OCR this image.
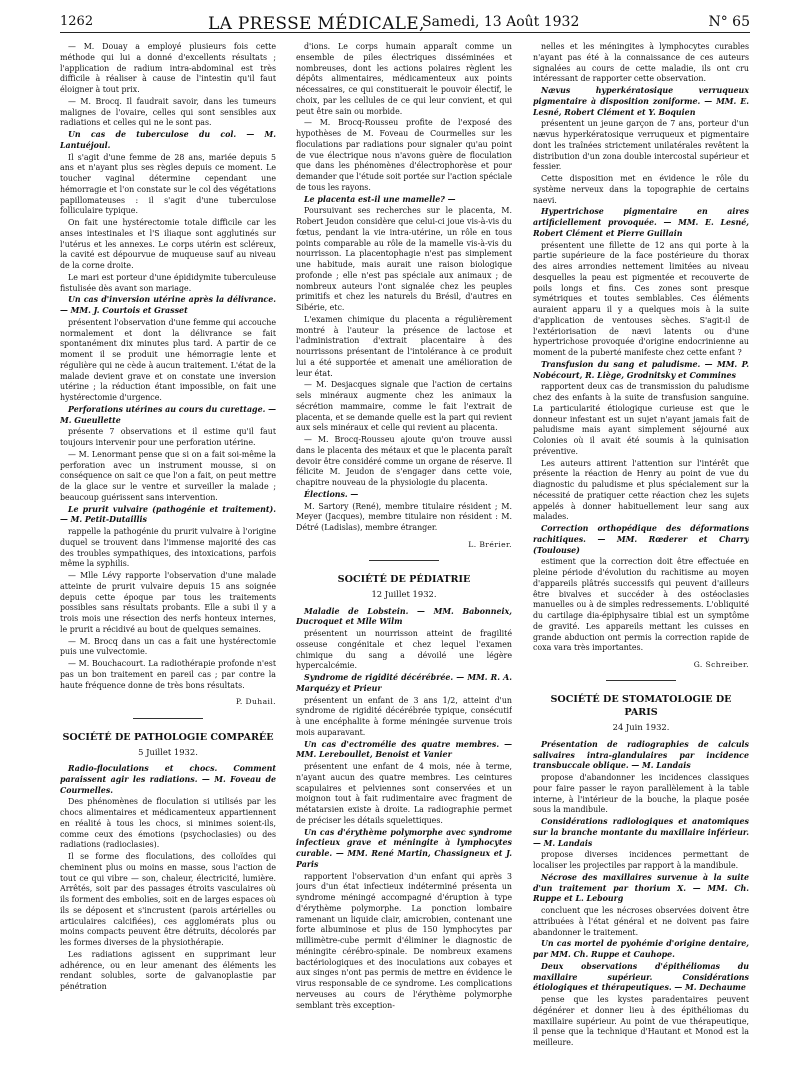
1262	LA PRESSE MÉDICALE,
Samedi, 13 Août 1932	N° 65

— M. Douay a employé plusieurs fois cette méthode qui lui a donné d'excellents résultats ; l'application de radium intra-abdominal est très difficile à réaliser à cause de l'intestin qu'il faut éloigner à tout prix.

— M. Brocq. Il faudrait savoir, dans les tumeurs malignes de l'ovaire, celles qui sont sensibles aux radiations et celles qui ne le sont pas.

Un cas de tuberculose du col. — M. Lantuéjoul.

Il s'agit d'une femme de 28 ans, mariée depuis 5 ans et n'ayant plus ses règles depuis ce moment. Le toucher vaginal détermine cependant une hémorragie et l'on constate sur le col des végétations papillomateuses : il s'agit d'une tuberculose folliculaire typique.

On fait une hystérectomie totale difficile car les anses intestinales et l'S iliaque sont agglutinés sur l'utérus et les annexes. Le corps utérin est scléreux, la cavité est dépourvue de muqueuse sauf au niveau de la corne droite.

Le mari est porteur d'une épididymite tuberculeuse fistulisée dès avant son mariage.

Un cas d'inversion utérine après la délivrance. — MM. J. Courtois et Grasset

présentent l'observation d'une femme qui accouche normalement et dont la délivrance se fait spontanément dix minutes plus tard. A partir de ce moment il se produit une hémorragie lente et régulière qui ne cède à aucun traitement. L'état de la malade devient grave et on constate une inversion utérine ; la réduction étant impossible, on fait une hystérectomie d'urgence.

Perforations utérines au cours du curettage. — M. Gueullette

présente 7 observations et il estime qu'il faut toujours intervenir pour une perforation utérine.

— M. Lenormant pense que si on a fait soi-même la perforation avec un instrument mousse, si on conséquence on sait ce que l'on a fait, on peut mettre de la glace sur le ventre et surveiller la malade ; beaucoup guérissent sans intervention.

Le prurit vulvaire (pathogénie et traitement). — M. Petit-Dutaillis

rappelle la pathogénie du prurit vulvaire à l'origine duquel se trouvent dans l'immense majorité des cas des troubles sympathiques, des intoxications, parfois même la syphilis.

— Mlle Lévy rapporte l'observation d'une malade atteinte de prurit vulvaire depuis 15 ans soignée depuis cette époque par tous les traitements possibles sans résultats probants. Elle a subi il y a trois mois une résection des nerfs honteux internes, le prurit a récidivé au bout de quelques semaines.

— M. Brocq dans un cas a fait une hystérectomie puis une vulvectomie.

— M. Bouchacourt. La radiothérapie profonde n'est pas un bon traitement en pareil cas ; par contre la haute fréquence donne de très bons résultats.

P. Duhail.

SOCIÉTÉ DE PATHOLOGIE COMPARÉE

5 Juillet 1932.

Radio-floculations et chocs. Comment paraissent agir les radiations. — M. Foveau de Courmelles.

Des phénomènes de floculation si utilisés par les chocs alimentaires et médicamenteux appartiennent en réalité à tous les chocs, si minimes soient-ils, comme ceux des émotions (psychoclasies) ou des radiations (radioclasies).

Il se forme des floculations, des colloïdes qui cheminent plus ou moins en masse, sous l'action de tout ce qui vibre — son, chaleur, électricité, lumière. Arrêtés, soit par des passages étroits vasculaires où ils forment des embolies, soit en de larges espaces où ils se déposent et s'incrustent (parois artérielles ou articulaires calcifiées), ces agglomérats plus ou moins compacts peuvent être détruits, décolorés par les formes diverses de la physiothérapie.

Les radiations agissent en supprimant leur adhérence, ou en leur amenant des éléments les rendant solubles, sorte de galvanoplastie par pénétration

d'ions. Le corps humain apparaît comme un ensemble de piles électriques disséminées et nombreuses, dont les actions polaires règlent les dépôts alimentaires, médicamenteux aux points nécessaires, ce qui constituerait le pouvoir électif, le choix, par les cellules de ce qui leur convient, et qui peut être sain ou morbide.

— M. Brocq-Rousseu profite de l'exposé des hypothèses de M. Foveau de Courmelles sur les floculations par radiations pour signaler qu'au point de vue électrique nous n'avons guère de floculation que dans les phénomènes d'électrophorèse et pour demander que l'étude soit portée sur l'action spéciale de tous les rayons.

Le placenta est-il une mamelle? —

Poursuivant ses recherches sur le placenta, M. Robert Jeudon considère que celui-ci joue vis-à-vis du fœtus, pendant la vie intra-utérine, un rôle en tous points comparable au rôle de la mamelle vis-à-vis du nourrisson. La placentophagie n'est pas simplement une habitude, mais aurait une raison biologique profonde ; elle n'est pas spéciale aux animaux ; de nombreux auteurs l'ont signalée chez les peuples primitifs et chez les naturels du Brésil, d'autres en Sibérie, etc.

L'examen chimique du placenta a régulièrement montré à l'auteur la présence de lactose et l'administration d'extrait placentaire à des nourrissons présentant de l'intolérance à ce produit lui a été supportée et amenait une amélioration de leur état.

— M. Desjacques signale que l'action de certains sels minéraux augmente chez les animaux la sécrétion mammaire, comme le fait l'extrait de placenta, et se demande quelle est la part qui revient aux sels minéraux et celle qui revient au placenta.

— M. Brocq-Rousseu ajoute qu'on trouve aussi dans le placenta des métaux et que le placenta paraît devoir être considéré comme un organe de réserve. Il félicite M. Jeudon de s'engager dans cette voie, chapitre nouveau de la physiologie du placenta.

Élections. —

M. Sartory (René), membre titulaire résident ; M. Meyer (Jacques), membre titulaire non résident : M. Détré (Ladislas), membre étranger.

L. Brérier.

SOCIÉTÉ DE PÉDIATRIE

12 Juillet 1932.

Maladie de Lobstein. — MM. Babonneix, Ducroquet et Mlle Wilm

présentent un nourrisson atteint de fragilité osseuse congénitale et chez lequel l'examen chimique du sang a dévoilé une légère hypercalcémie.

Syndrome de rigidité décérébrée. — MM. R. A. Marquézy et Prieur

présentent un enfant de 3 ans 1/2, atteint d'un syndrome de rigidité décérébrée typique, consécutif à une encéphalite à forme méningée survenue trois mois auparavant.

Un cas d'ectromélie des quatre membres. — MM. Lereboullet, Benoist et Vanier

présentent une enfant de 4 mois, née à terme, n'ayant aucun des quatre membres. Les ceintures scapulaires et pelviennes sont conservées et un moignon tout à fait rudimentaire avec fragment de métatarsien existe à droite. La radiographie permet de préciser les détails squelettiques.

Un cas d'érythème polymorphe avec syndrome infectieux grave et méningite à lymphocytes curable. — MM. René Martin, Chassigneux et J. Paris

rapportent l'observation d'un enfant qui après 3 jours d'un état infectieux indéterminé présenta un syndrome méningé accompagné d'éruption à type d'érythème polymorphe. La ponction lombaire ramenant un liquide clair, amicrobien, contenant une forte albuminose et plus de 150 lymphocytes par millimètre-cube permit d'éliminer le diagnostic de méningite cérébro-spinale. De nombreux examens bactériologiques et des inoculations aux cobayes et aux singes n'ont pas permis de mettre en évidence le virus responsable de ce syndrome. Les complications nerveuses au cours de l'érythème polymorphe semblant très exception-

nelles et les méningites à lymphocytes curables n'ayant pas été à la connaissance de ces auteurs signalées au cours de cette maladie, ils ont cru intéressant de rapporter cette observation.

Nævus hyperkératosique verruqueux pigmentaire à disposition zoniforme. — MM. E. Lesné, Robert Clément et Y. Boquien

présentent un jeune garçon de 7 ans, porteur d'un nævus hyperkératosique verruqueux et pigmentaire dont les traînées strictement unilatérales revêtent la distribution d'un zona double intercostal supérieur et fessier.

Cette disposition met en évidence le rôle du système nerveux dans la topographie de certains naevi.

Hypertrichose pigmentaire en aires artificiellement provoquée. — MM. E. Lesné, Robert Clément et Pierre Guillain

présentent une fillette de 12 ans qui porte à la partie supérieure de la face postérieure du thorax des aires arrondies nettement limitées au niveau desquelles la peau est pigmentée et recouverte de poils longs et fins. Ces zones sont presque symétriques et toutes semblables. Ces éléments auraient apparu il y a quelques mois à la suite d'application de ventouses sèches. S'agit-il de l'extériorisation de nævi latents ou d'une hypertrichose provoquée d'origine endocrinienne au moment de la puberté manifeste chez cette enfant ?

Transfusion du sang et paludisme. — MM. P. Nobécourt, R. Liège, Grodnitsky et Commines

rapportent deux cas de transmission du paludisme chez des enfants à la suite de transfusion sanguine. La particularité étiologique curieuse est que le donneur infestant est un sujet n'ayant jamais fait de paludisme mais ayant simplement séjourné aux Colonies où il avait été soumis à la quinisation préventive.

Les auteurs attirent l'attention sur l'intérêt que présente la réaction de Henry au point de vue du diagnostic du paludisme et plus spécialement sur la nécessité de pratiquer cette réaction chez les sujets appelés à donner habituellement leur sang aux malades.

Correction orthopédique des déformations rachitiques. — MM. Rœderer et Charry (Toulouse)

estiment que la correction doit être effectuée en pleine période d'évolution du rachitisme au moyen d'appareils plâtrés successifs qui peuvent d'ailleurs être bivalves et succéder à des ostéoclasies manuelles ou à de simples redressements. L'obliquité du cartilage dia-épiphysaire tibial est un symptôme de gravité. Les appareils mettant les cuisses en grande abduction ont permis la correction rapide de coxa vara très importantes.

G. Schreiber.

SOCIÉTÉ DE STOMATOLOGIE DE PARIS

24 Juin 1932.

Présentation de radiographies de calculs salivaires intra-glandulaires par incidence transbuccale oblique. — M. Landais

propose d'abandonner les incidences classiques pour faire passer le rayon parallèlement à la table interne, à l'intérieur de la bouche, la plaque posée sous la mandibule.

Considérations radiologiques et anatomiques sur la branche montante du maxillaire inférieur. — M. Landais

propose diverses incidences permettant de localiser les projectiles par rapport à la mandibule.

Nécrose des maxillaires survenue à la suite d'un traitement par thorium X. — MM. Ch. Ruppe et L. Lebourg

concluent que les nécroses observées doivent être attribuées à l'état général et ne doivent pas faire abandonner le traitement.

Un cas mortel de pyohémie d'origine dentaire, par MM. Ch. Ruppe et Cauhope.

Deux observations d'épithéliomas du maxillaire supérieur. Considérations étiologiques et thérapeutiques. — M. Dechaume

pense que les kystes paradentaires peuvent dégénérer et donner lieu à des épithéliomas du maxillaire supérieur. Au point de vue thérapeutique, il pense que la technique d'Hautant et Monod est la meilleure.
